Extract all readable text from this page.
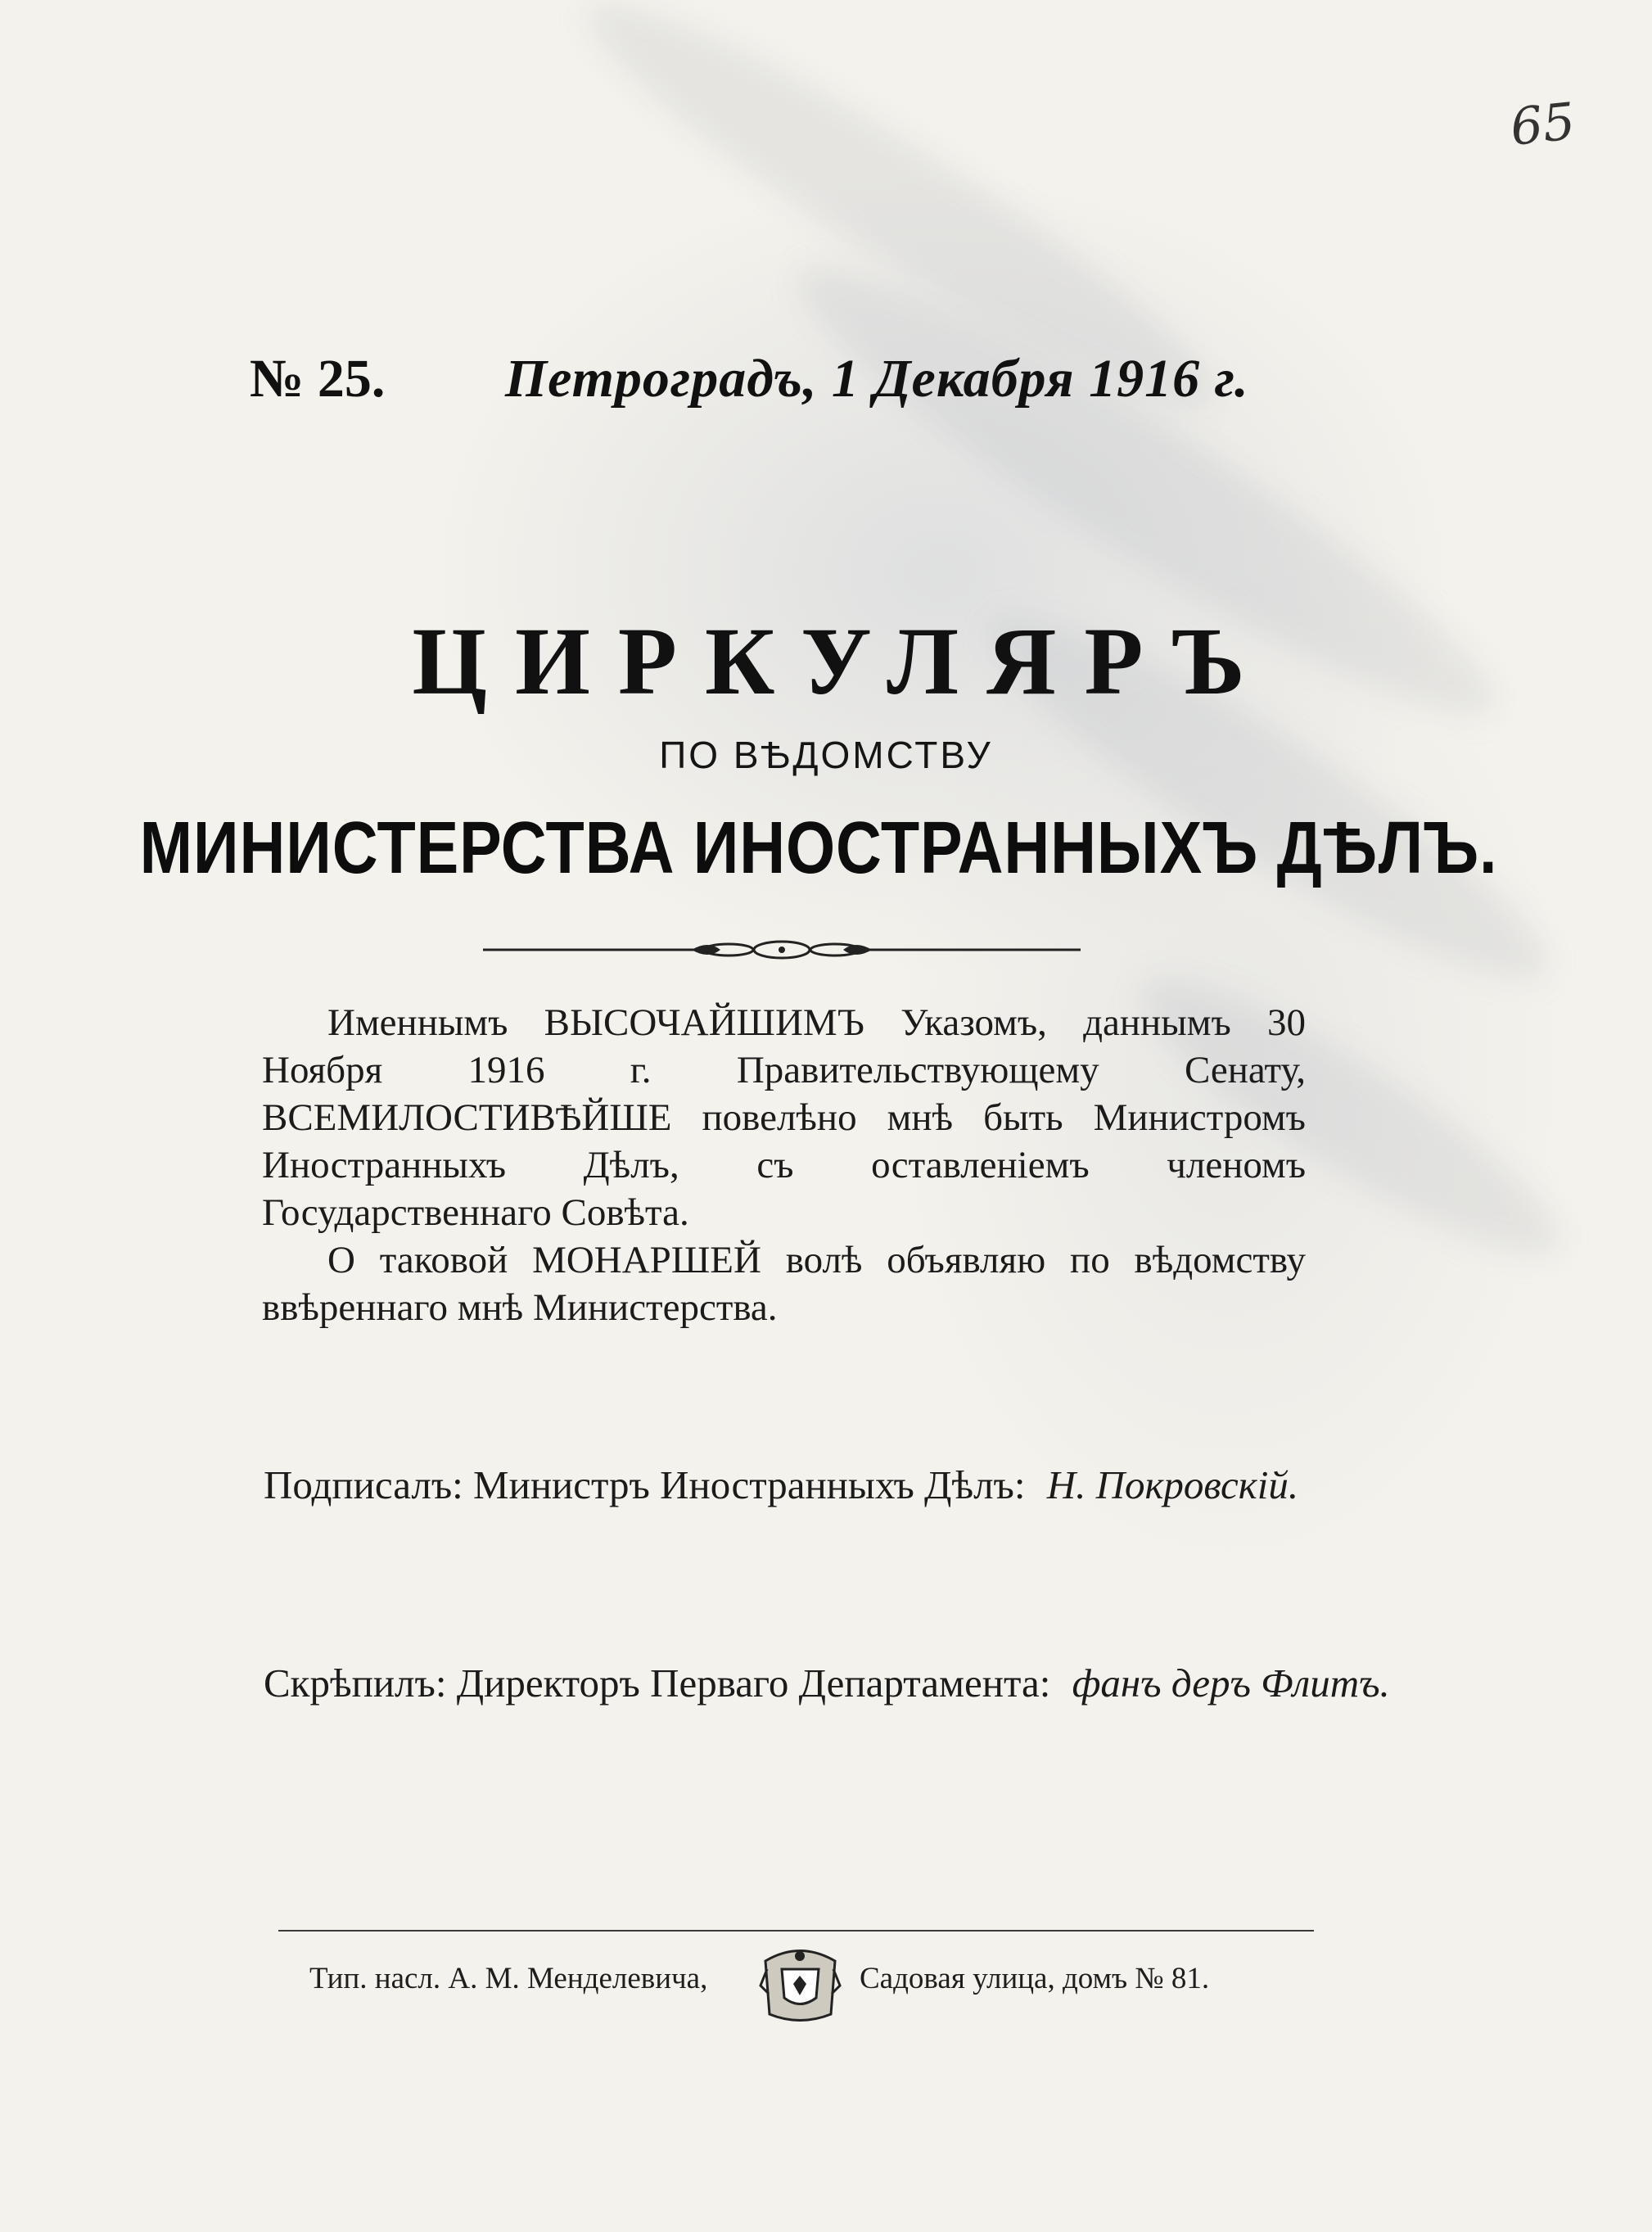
65
№ 25. Петроградъ, 1 Декабря 1916 г.
ЦИРКУЛЯРЪ
ПО ВѢДОМСТВУ
МИНИСТЕРСТВА ИНОСТРАННЫХЪ ДѢЛЪ.

Именнымъ ВЫСОЧАЙШИМЪ Указомъ, даннымъ 30 Ноября 1916 г. Правительствующему Сенату, ВСЕМИЛОСТИВѢЙШЕ повелѣно мнѣ быть Министромъ Иностранныхъ Дѣлъ, съ оставленіемъ членомъ Государственнаго Совѣта.

О таковой МОНАРШЕЙ волѣ объявляю по вѣдомству ввѣреннаго мнѣ Министерства.

Подписалъ: Министръ Иностранныхъ Дѣлъ: Н. Покровскій.
Скрѣпилъ: Директоръ Перваго Департамента: фанъ деръ Флитъ.
Тип. насл. А. М. Менделевича,	Садовая улица, домъ № 81.
